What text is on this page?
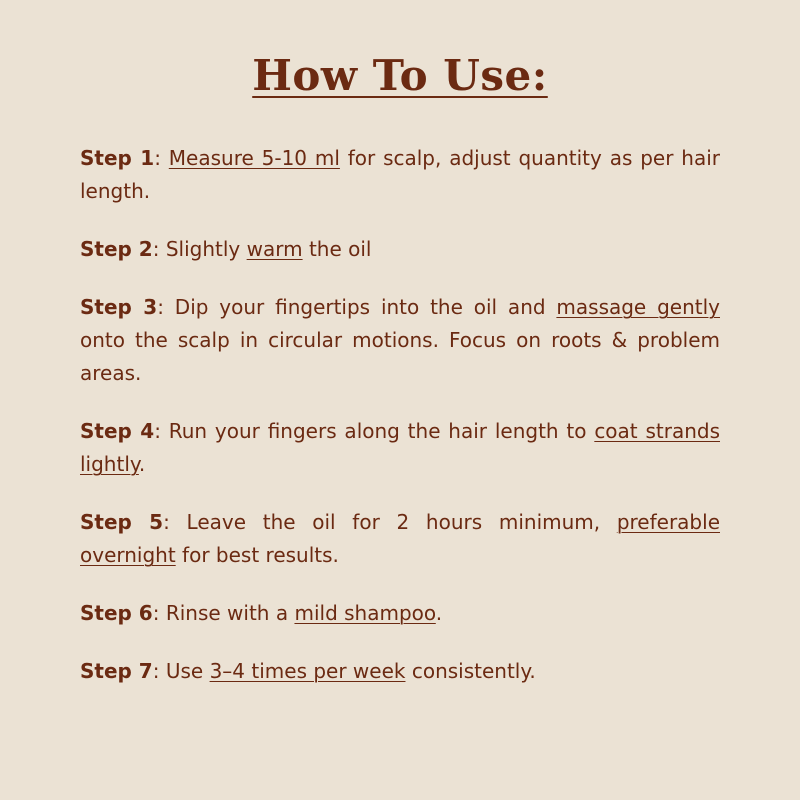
How To Use:

Step 1: Measure 5-10 ml for scalp, adjust quantity as per hair length.

Step 2: Slightly warm the oil

Step 3: Dip your fingertips into the oil and massage gently onto the scalp in circular motions. Focus on roots & problem areas.

Step 4: Run your fingers along the hair length to coat strands lightly.

Step 5: Leave the oil for 2 hours minimum, preferable overnight for best results.

Step 6: Rinse with a mild shampoo.

Step 7: Use 3–4 times per week consistently.
